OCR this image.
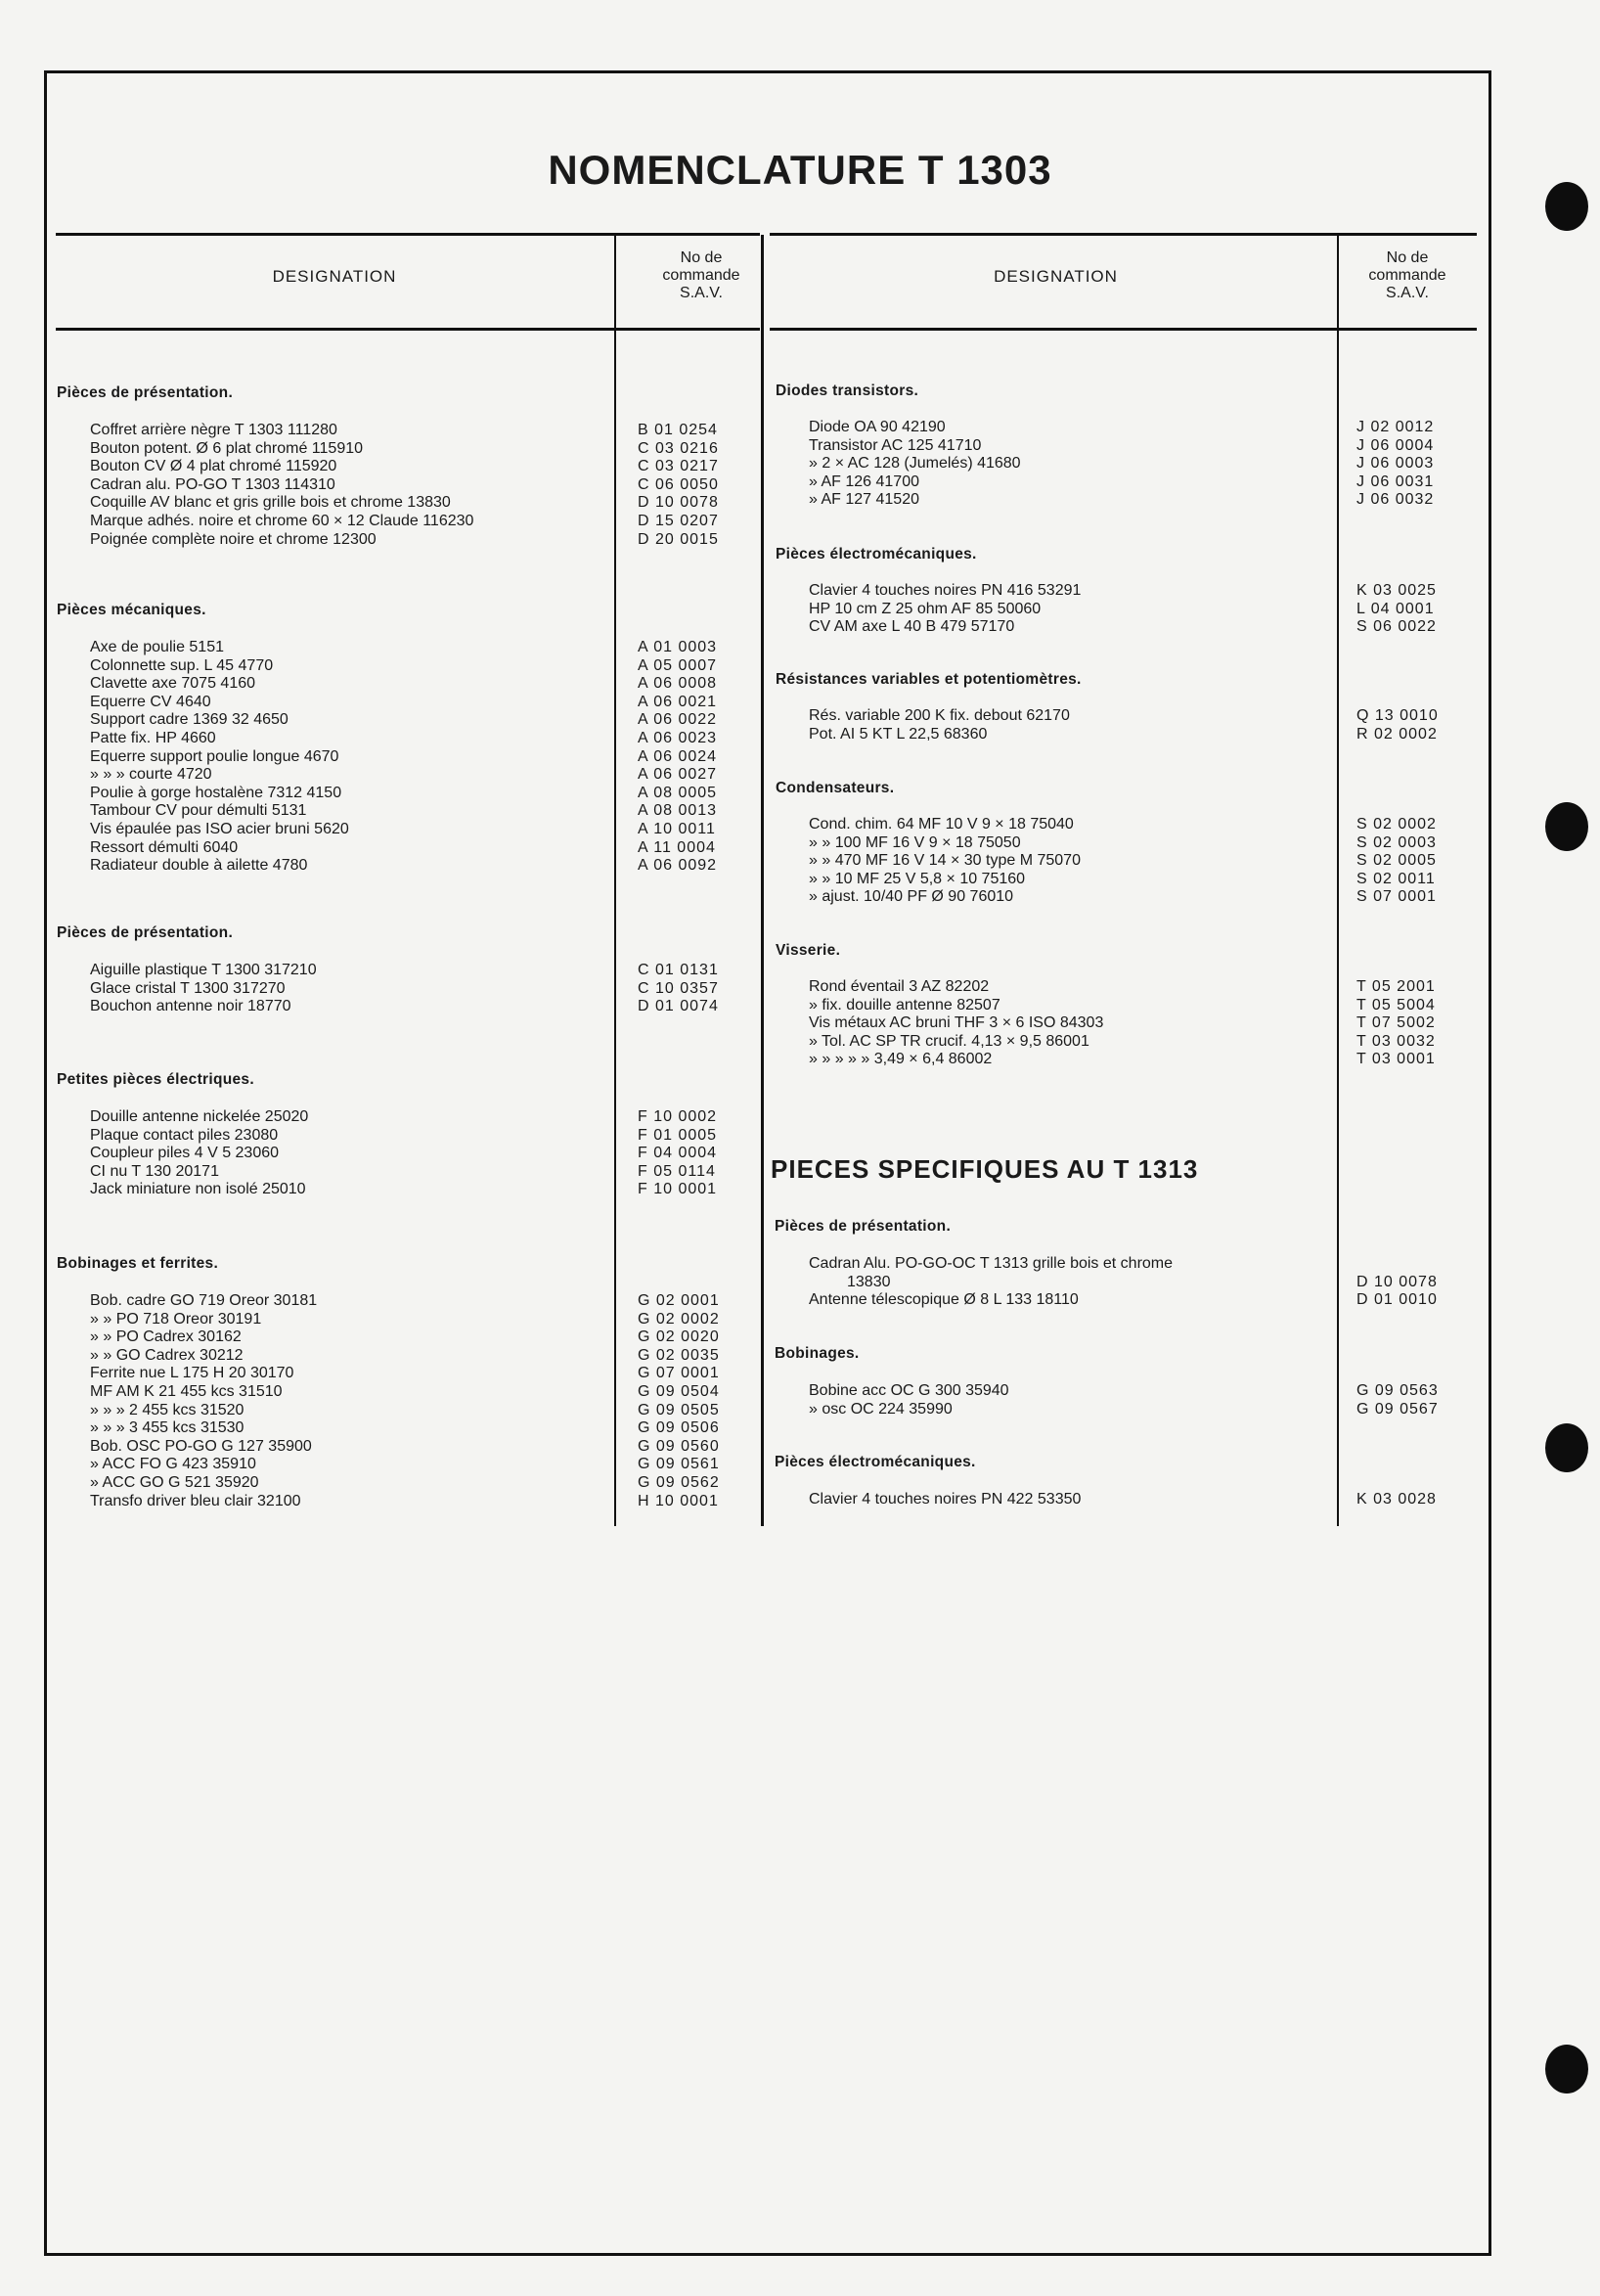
NOMENCLATURE T 1303
DESIGNATION
No de
commande
S.A.V.
DESIGNATION
No de
commande
S.A.V.
Pièces de présentation.
Coffret arrière nègre T 1303 111280	B 01 0254
Bouton potent. Ø 6 plat chromé 115910	C 03 0216
Bouton CV Ø 4 plat chromé 115920	C 03 0217
Cadran alu. PO-GO T 1303 114310	C 06 0050
Coquille AV blanc et gris grille bois et chrome 13830	D 10 0078
Marque adhés. noire et chrome 60 × 12 Claude 116230	D 15 0207
Poignée complète noire et chrome 12300	D 20 0015
Pièces mécaniques.
Axe de poulie 5151	A 01 0003
Colonnette sup. L 45 4770	A 05 0007
Clavette axe 7075 4160	A 06 0008
Equerre CV 4640	A 06 0021
Support cadre 1369 32 4650	A 06 0022
Patte fix. HP 4660	A 06 0023
Equerre support poulie longue 4670	A 06 0024
» » » courte 4720	A 06 0027
Poulie à gorge hostalène 7312 4150	A 08 0005
Tambour CV pour démulti 5131	A 08 0013
Vis épaulée pas ISO acier bruni 5620	A 10 0011
Ressort démulti 6040	A 11 0004
Radiateur double à ailette 4780	A 06 0092
Pièces de présentation.
Aiguille plastique T 1300 317210	C 01 0131
Glace cristal T 1300 317270	C 10 0357
Bouchon antenne noir 18770	D 01 0074
Petites pièces électriques.
Douille antenne nickelée 25020	F 10 0002
Plaque contact piles 23080	F 01 0005
Coupleur piles 4 V 5 23060	F 04 0004
CI nu T 130 20171	F 05 0114
Jack miniature non isolé 25010	F 10 0001
Bobinages et ferrites.
Bob. cadre GO 719 Oreor 30181	G 02 0001
» » PO 718 Oreor 30191	G 02 0002
» » PO Cadrex 30162	G 02 0020
» » GO Cadrex 30212	G 02 0035
Ferrite nue L 175 H 20 30170	G 07 0001
MF AM K 21 455 kcs 31510	G 09 0504
» » » 2 455 kcs 31520	G 09 0505
» » » 3 455 kcs 31530	G 09 0506
Bob. OSC PO-GO G 127 35900	G 09 0560
» ACC FO G 423 35910	G 09 0561
» ACC GO G 521 35920	G 09 0562
Transfo driver bleu clair 32100	H 10 0001
Diodes transistors.
Diode OA 90 42190	J 02 0012
Transistor AC 125 41710	J 06 0004
» 2 × AC 128 (Jumelés) 41680	J 06 0003
» AF 126 41700	J 06 0031
» AF 127 41520	J 06 0032
Pièces électromécaniques.
Clavier 4 touches noires PN 416 53291	K 03 0025
HP 10 cm Z 25 ohm AF 85 50060	L 04 0001
CV AM axe L 40 B 479 57170	S 06 0022
Résistances variables et potentiomètres.
Rés. variable 200 K fix. debout 62170	Q 13 0010
Pot. AI 5 KT L 22,5 68360	R 02 0002
Condensateurs.
Cond. chim. 64 MF 10 V 9 × 18 75040	S 02 0002
» » 100 MF 16 V 9 × 18 75050	S 02 0003
» » 470 MF 16 V 14 × 30 type M 75070	S 02 0005
» » 10 MF 25 V 5,8 × 10 75160	S 02 0011
» ajust. 10/40 PF Ø 90 76010	S 07 0001
Visserie.
Rond éventail 3 AZ 82202	T 05 2001
» fix. douille antenne 82507	T 05 5004
Vis métaux AC bruni THF 3 × 6 ISO 84303	T 07 5002
» Tol. AC SP TR crucif. 4,13 × 9,5 86001	T 03 0032
» » » » » 3,49 × 6,4 86002	T 03 0001
PIECES SPECIFIQUES AU T 1313
Pièces de présentation.
Cadran Alu. PO-GO-OC T 1313 grille bois et chrome
13830	D 10 0078
Antenne télescopique Ø 8 L 133 18110	D 01 0010
Bobinages.
Bobine acc OC G 300 35940	G 09 0563
» osc OC 224 35990	G 09 0567
Pièces électromécaniques.
Clavier 4 touches noires PN 422 53350	K 03 0028
